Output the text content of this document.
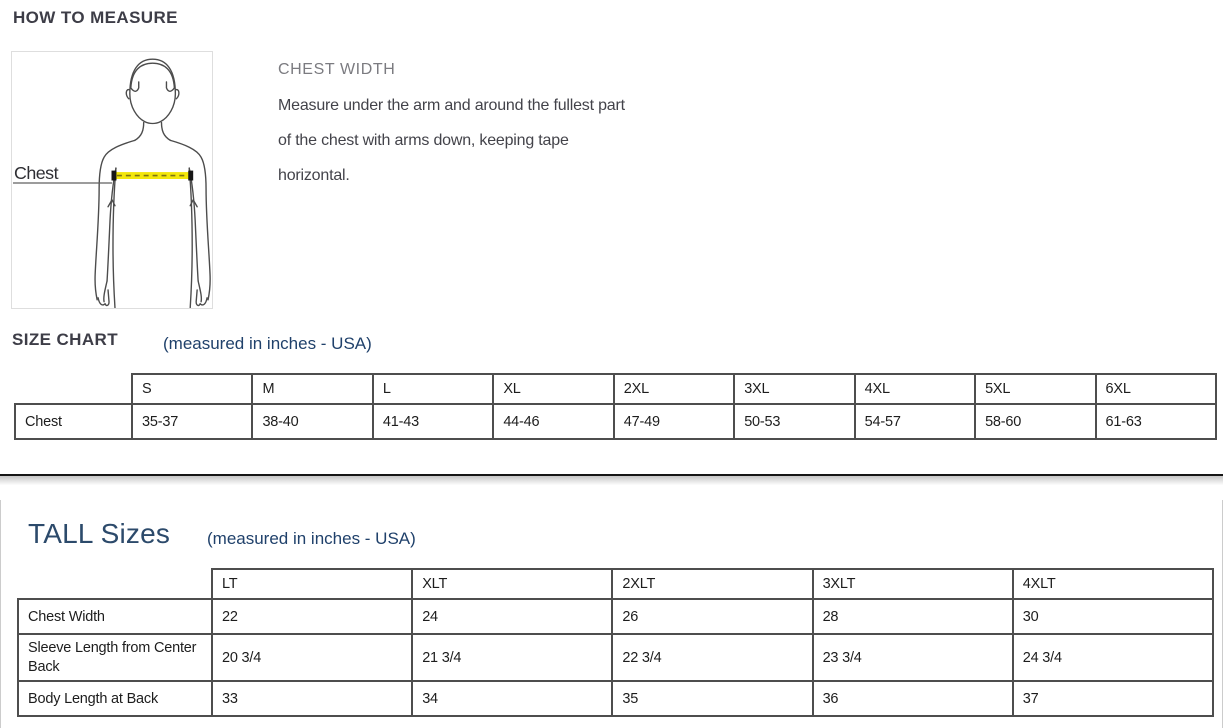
HOW TO MEASURE
Chest
CHEST WIDTH
Measure under the arm and around the fullest part
of the chest with arms down, keeping tape
horizontal.
SIZE CHART	(measured in inches - USA)
	S	M	L	XL	2XL	3XL	4XL	5XL	6XL
Chest	35-37	38-40	41-43	44-46	47-49	50-53	54-57	58-60	61-63
TALL Sizes (measured in inches - USA)
	LT	XLT	2XLT	3XLT	4XLT
Chest Width	22	24	26	28	30
Sleeve Length from Center Back	20 3/4	21 3/4	22 3/4	23 3/4	24 3/4
Body Length at Back	33	34	35	36	37
